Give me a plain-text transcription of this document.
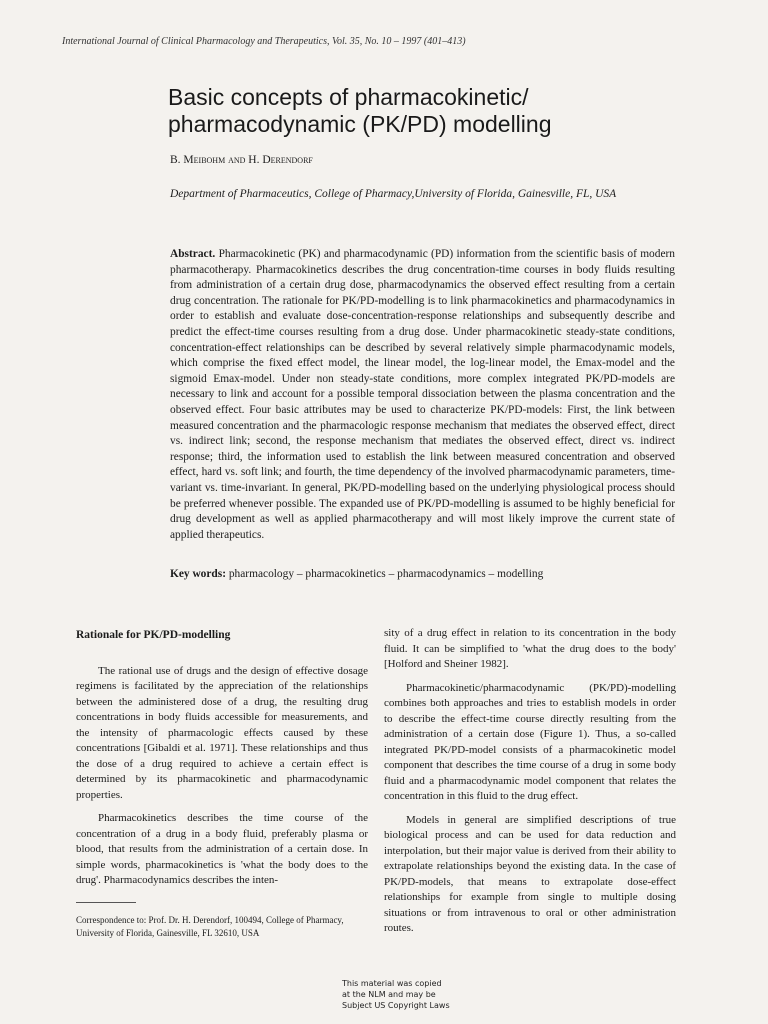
International Journal of Clinical Pharmacology and Therapeutics, Vol. 35, No. 10 – 1997 (401–413)
Basic concepts of pharmacokinetic/
pharmacodynamic (PK/PD) modelling
B. Meibohm and H. Derendorf
Department of Pharmaceutics, College of Pharmacy,University of Florida, Gainesville, FL, USA
Abstract. Pharmacokinetic (PK) and pharmacodynamic (PD) information from the scientific basis of modern pharmacotherapy. Pharmacokinetics describes the drug concentration-time courses in body fluids resulting from administration of a certain drug dose, pharmacodynamics the observed effect resulting from a certain drug concentration. The rationale for PK/PD-modelling is to link pharmacokinetics and pharmacodynamics in order to establish and evaluate dose-concentration-response relationships and subsequently describe and predict the effect-time courses resulting from a drug dose. Under pharmacokinetic steady-state conditions, concentration-effect relationships can be described by several relatively simple pharmacodynamic models, which comprise the fixed effect model, the linear model, the log-linear model, the Emax-model and the sigmoid Emax-model. Under non steady-state conditions, more complex integrated PK/PD-models are necessary to link and account for a possible temporal dissociation between the plasma concentration and the observed effect. Four basic attributes may be used to characterize PK/PD-models: First, the link between measured concentration and the pharmacologic response mechanism that mediates the observed effect, direct vs. indirect link; second, the response mechanism that mediates the observed effect, direct vs. indirect response; third, the information used to establish the link between measured concentration and observed effect, hard vs. soft link; and fourth, the time dependency of the involved pharmacodynamic parameters, time-variant vs. time-invariant. In general, PK/PD-modelling based on the underlying physiological process should be preferred whenever possible. The expanded use of PK/PD-modelling is assumed to be highly beneficial for drug development as well as applied pharmacotherapy and will most likely improve the current state of applied therapeutics.
Key words: pharmacology – pharmacokinetics – pharmacodynamics – modelling
Rationale for PK/PD-modelling

The rational use of drugs and the design of effective dosage regimens is facilitated by the appreciation of the relationships between the administered dose of a drug, the resulting drug concentrations in body fluids accessible for measurements, and the intensity of pharmacologic effects caused by these concentrations [Gibaldi et al. 1971]. These relationships and thus the dose of a drug required to achieve a certain effect is determined by its pharmacokinetic and pharmacodynamic properties.

Pharmacokinetics describes the time course of the concentration of a drug in a body fluid, preferably plasma or blood, that results from the administration of a certain dose. In simple words, pharmacokinetics is 'what the body does to the drug'. Pharmacodynamics describes the inten-

sity of a drug effect in relation to its concentration in the body fluid. It can be simplified to 'what the drug does to the body' [Holford and Sheiner 1982].

Pharmacokinetic/pharmacodynamic (PK/PD)-modelling combines both approaches and tries to establish models in order to describe the effect-time course directly resulting from the administration of a certain dose (Figure 1). Thus, a so-called integrated PK/PD-model consists of a pharmacokinetic model component that describes the time course of a drug in some body fluid and a pharmacodynamic model component that relates the concentration in this fluid to the drug effect.

Models in general are simplified descriptions of true biological process and can be used for data reduction and interpolation, but their major value is derived from their ability to extrapolate relationships beyond the existing data. In the case of PK/PD-models, that means to extrapolate dose-effect relationships for example from single to multiple dosing situations or from intravenous to oral or other administration routes.

Correspondence to: Prof. Dr. H. Derendorf, 100494, College of Pharmacy, University of Florida, Gainesville, FL 32610, USA
This material was copied
at the NLM and may be
Subject US Copyright Laws
